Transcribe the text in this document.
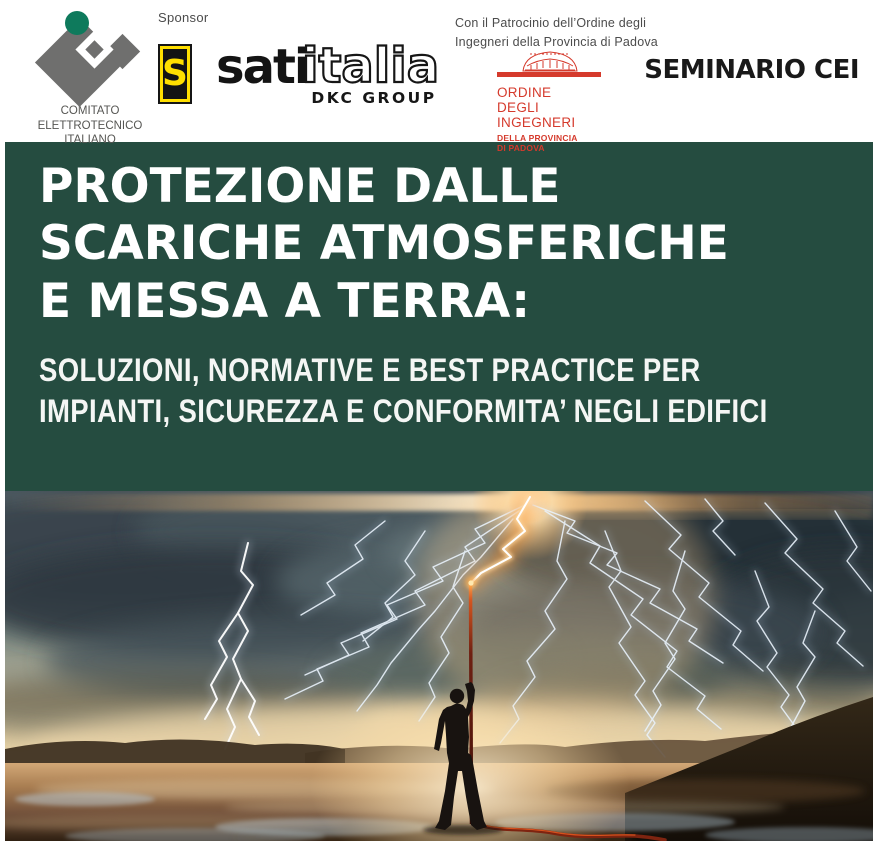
COMITATO
ELETTROTECNICO
ITALIANO
Sponsor
S sati
italia
DKC GROUP
Con il Patrocinio dell’Ordine degli
Ingegneri della Provincia di Padova
ORDINE
DEGLI
INGEGNERI
DELLA PROVINCIA
DI PADOVA
SEMINARIO CEI
PROTEZIONE DALLE
SCARICHE ATMOSFERICHE
E MESSA A TERRA:
SOLUZIONI, NORMATIVE E BEST PRACTICE PER
IMPIANTI, SICUREZZA E CONFORMITA’ NEGLI EDIFICI
